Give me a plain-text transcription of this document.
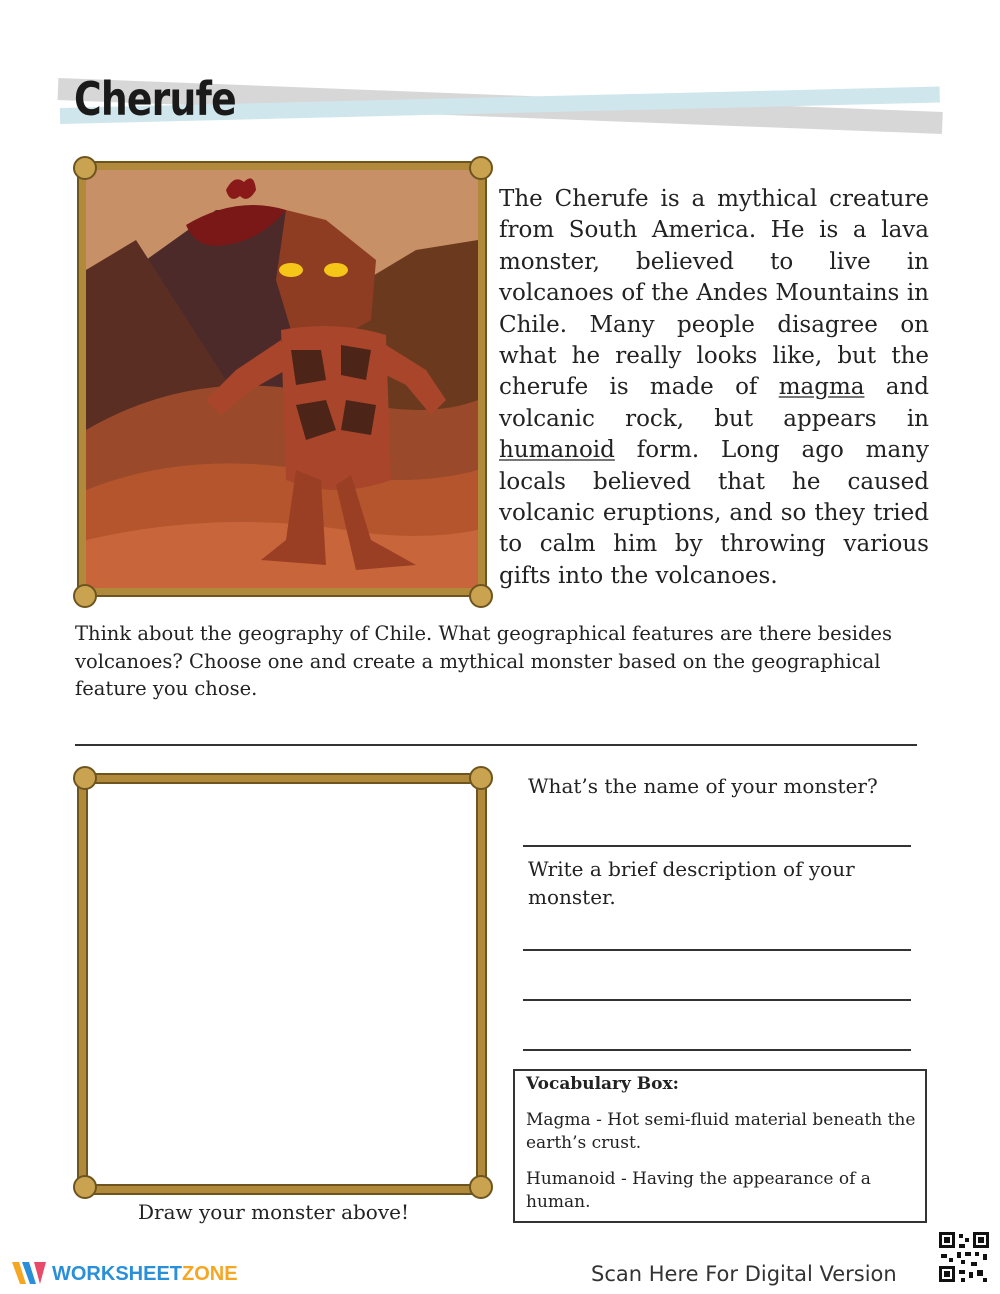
Cherufe
The Cherufe is a mythical creature from South America. He is a lava monster, believed to live in volcanoes of the Andes Mountains in Chile. Many people disagree on what he really looks like, but the cherufe is made of magma and volcanic rock, but appears in humanoid form. Long ago many locals believed that he caused volcanic eruptions, and so they tried to calm him by throwing various gifts into the volcanoes.
Think about the geography of Chile. What geographical features are there besides volcanoes? Choose one and create a mythical monster based on the geographical feature you chose.
Draw your monster above!
What’s the name of your monster?
Write a brief description of your monster.
Vocabulary Box:
Magma - Hot semi-fluid material beneath the earth’s crust.
Humanoid - Having the appearance of a human.
WORKSHEETZONE	Scan Here For Digital Version
